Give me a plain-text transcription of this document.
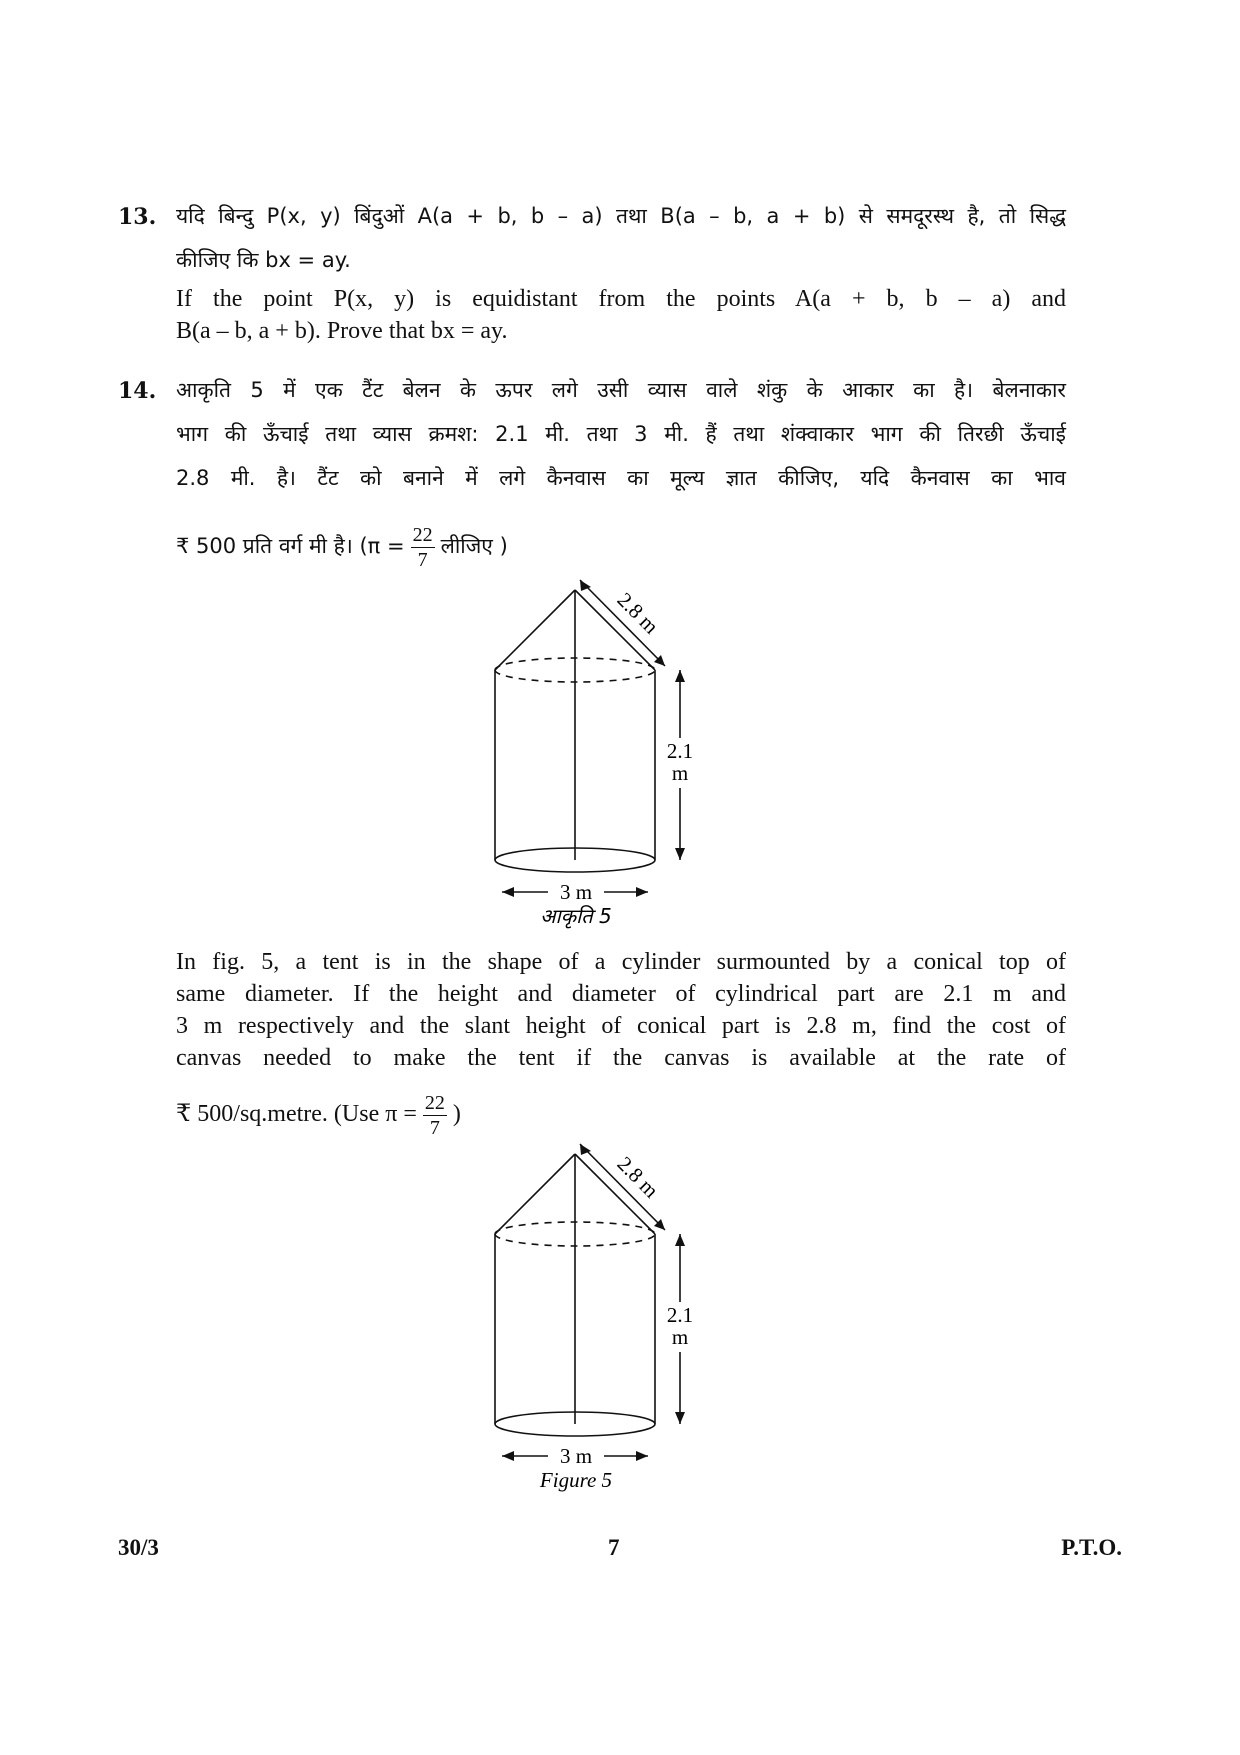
13. यदि बिन्दु P(x, y) बिंदुओं A(a + b, b – a) तथा B(a – b, a + b) से समदूरस्थ है, तो सिद्ध
कीजिए कि bx = ay.
If the point P(x, y) is equidistant from the points A(a + b, b – a) and
B(a – b, a + b). Prove that bx = ay.
14. आकृति 5 में एक टैंट बेलन के ऊपर लगे उसी व्यास वाले शंकु के आकार का है। बेलनाकार
भाग की ऊँचाई तथा व्यास क्रमश: 2.1 मी. तथा 3 मी. हैं तथा शंक्वाकार भाग की तिरछी ऊँचाई
2.8 मी. है। टैंट को बनाने में लगे कैनवास का मूल्य ज्ञात कीजिए, यदि कैनवास का भाव
₹ 500 प्रति वर्ग मी है। ($\pi = \frac{22}{7}$ लीजिए )
2.8 m
2.1
m
3 m
आकृति 5
In fig. 5, a tent is in the shape of a cylinder surmounted by a conical top of
same diameter. If the height and diameter of cylindrical part are 2.1 m and
3 m respectively and the slant height of conical part is 2.8 m, find the cost of
canvas needed to make the tent if the canvas is available at the rate of
₹ 500/sq.metre. (Use $\pi = \frac{22}{7}$ )
2.8 m
2.1
m
3 m
Figure 5
30/3	7	P.T.O.
